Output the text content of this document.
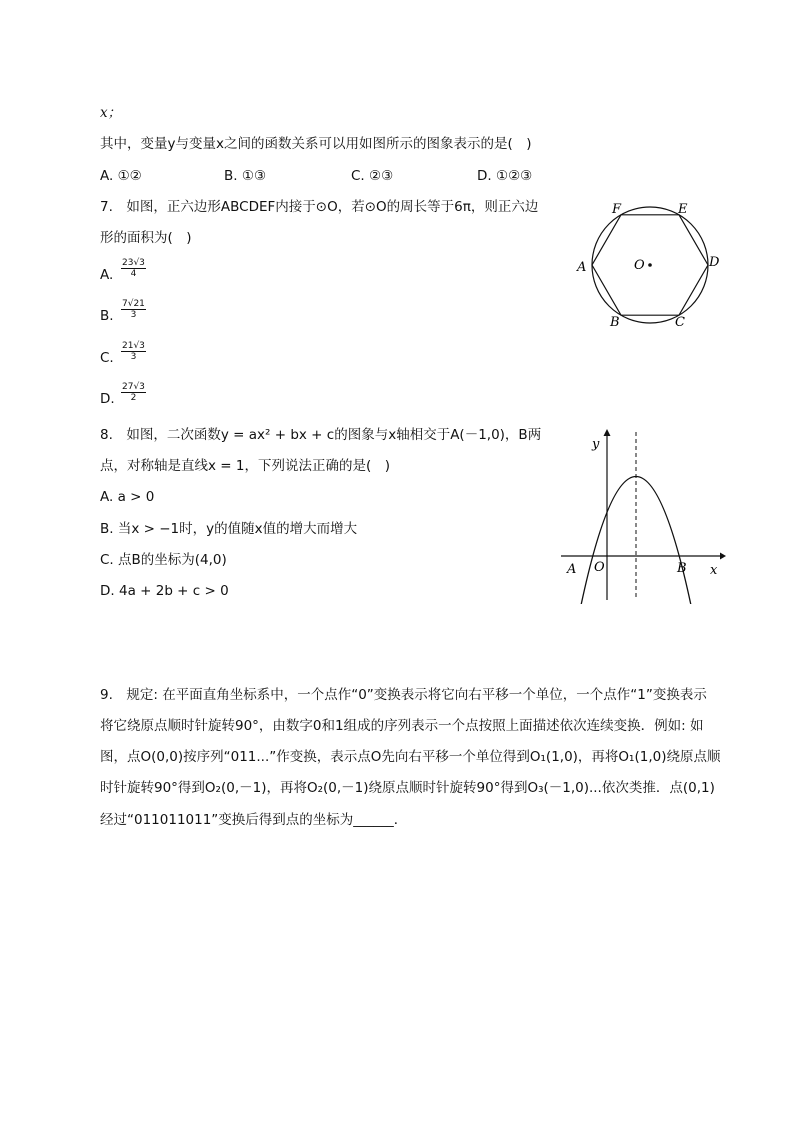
x；
其中，变量y与变量x之间的函数关系可以用如图所示的图象表示的是(　)
A. ①②	B. ①③	C. ②③	D. ①②③
7.　如图，正六边形ABCDEF内接于⊙O，若⊙O的周长等于6π，则正六边
形的面积为(　)
A. $\frac{23√3}{4}$
B. $\frac{7√21}{3}$
C. $\frac{21√3}{3}$
D. $\frac{27√3}{2}$
F	E
D
A
B	C
O
8.　如图，二次函数y = ax² + bx + c的图象与x轴相交于A(－1,0)，B两
点，对称轴是直线x = 1，下列说法正确的是(　)
A. a > 0
B. 当x > −1时，y的值随x值的增大而增大
C. 点B的坐标为(4,0)
D. 4a + 2b + c > 0
y
x
A O	B
9.　规定: 在平面直角坐标系中，一个点作“0”变换表示将它向右平移一个单位，一个点作“1”变换表示
将它绕原点顺时针旋转90°，由数字0和1组成的序列表示一个点按照上面描述依次连续变换．例如: 如
图，点O(0,0)按序列“011...”作变换，表示点O先向右平移一个单位得到O₁(1,0)，再将O₁(1,0)绕原点顺
时针旋转90°得到O₂(0,－1)，再将O₂(0,－1)绕原点顺时针旋转90°得到O₃(－1,0)...依次类推．点(0,1)
经过“011011011”变换后得到点的坐标为______．
